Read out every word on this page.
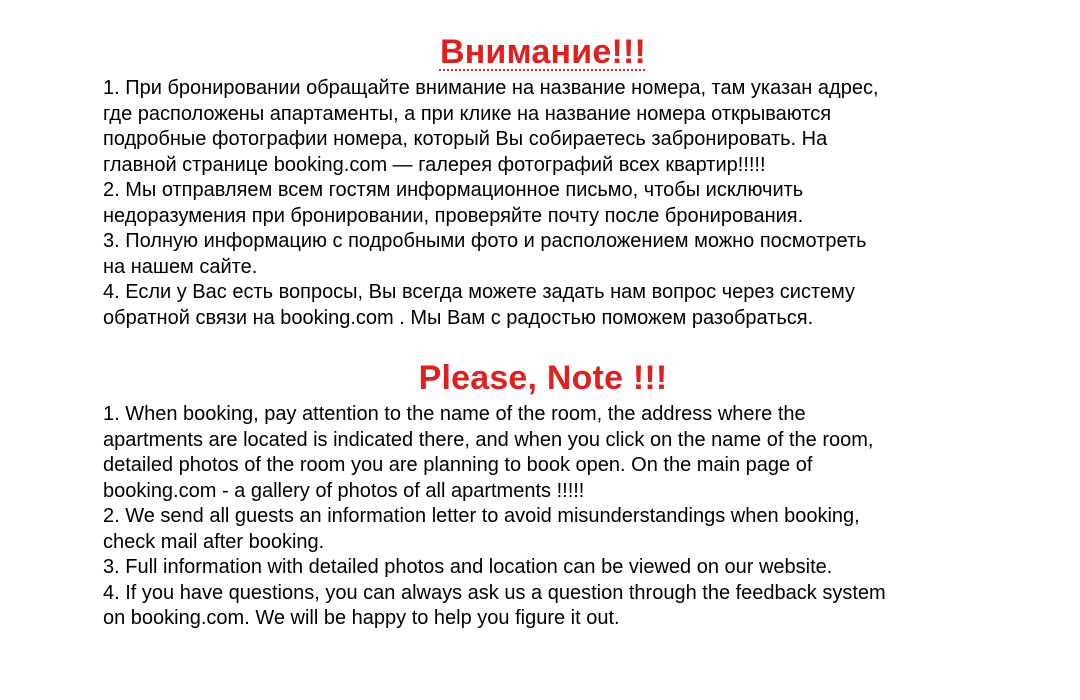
Внимание!!!

1. При бронировании обращайте внимание на название номера, там указан адрес,

где расположены апартаменты, а при клике на название номера открываются

подробные фотографии номера, который Вы собираетесь забронировать. На

главной странице booking.com — галерея фотографий всех квартир!!!!!

2. Мы отправляем всем гостям информационное письмо, чтобы исключить

недоразумения при бронировании, проверяйте почту после бронирования.

3. Полную информацию с подробными фото и расположением можно посмотреть

на нашем сайте.

4. Если у Вас есть вопросы, Вы всегда можете задать нам вопрос через систему

обратной связи на booking.com . Мы Вам с радостью поможем разобраться.

Please, Note !!!

1. When booking, pay attention to the name of the room, the address where the

apartments are located is indicated there, and when you click on the name of the room,

detailed photos of the room you are planning to book open. On the main page of

booking.com - a gallery of photos of all apartments !!!!!

2. We send all guests an information letter to avoid misunderstandings when booking,

check mail after booking.

3. Full information with detailed photos and location can be viewed on our website.

4. If you have questions, you can always ask us a question through the feedback system

on booking.com. We will be happy to help you figure it out.
